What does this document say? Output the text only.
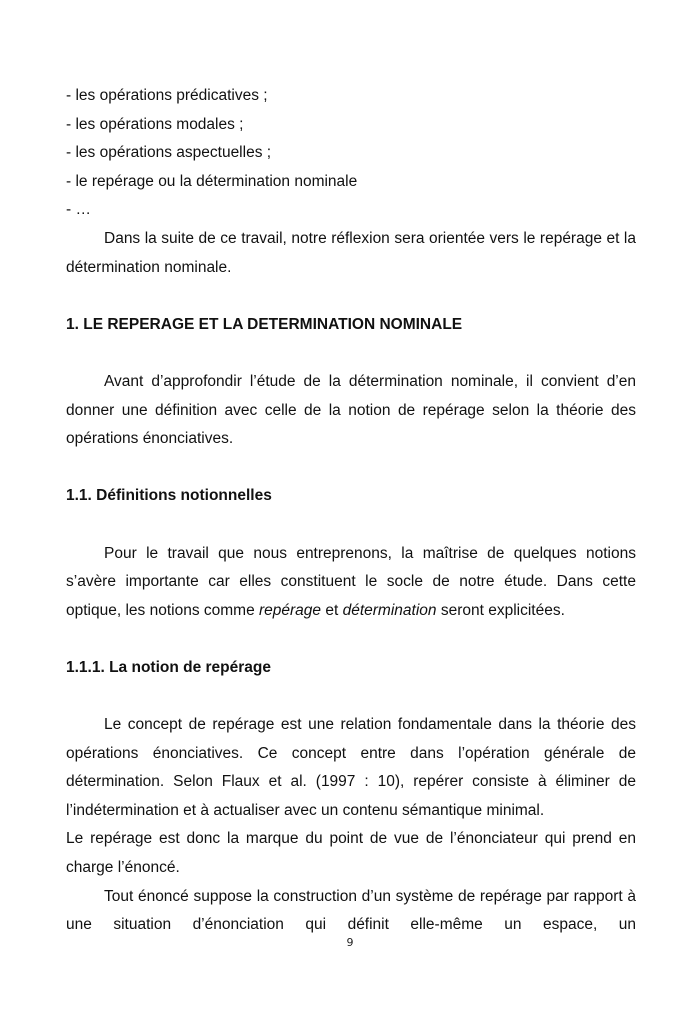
- les opérations prédicatives ;

- les opérations modales ;

- les opérations aspectuelles ;

- le repérage ou la détermination nominale

- …

Dans la suite de ce travail, notre réflexion sera orientée vers le repérage et la détermination nominale.

1. LE REPERAGE ET LA DETERMINATION NOMINALE

Avant d’approfondir l’étude de la détermination nominale, il convient d’en donner une définition avec celle de la notion de repérage selon la théorie des opérations énonciatives.

1.1. Définitions notionnelles

Pour le travail que nous entreprenons, la maîtrise de quelques notions s’avère importante car elles constituent le socle de notre étude. Dans cette optique, les notions comme repérage et détermination seront explicitées.

1.1.1. La notion de repérage

Le concept de repérage est une relation fondamentale dans la théorie des opérations énonciatives. Ce concept entre dans l’opération générale de détermination. Selon Flaux et al. (1997 : 10), repérer consiste à éliminer de l’indétermination et à actualiser avec un contenu sémantique minimal.

Le repérage est donc la marque du point de vue de l’énonciateur qui prend en charge l’énoncé.

Tout énoncé suppose la construction d’un système de repérage par rapport à une situation d’énonciation qui définit elle-même un espace, un

9
